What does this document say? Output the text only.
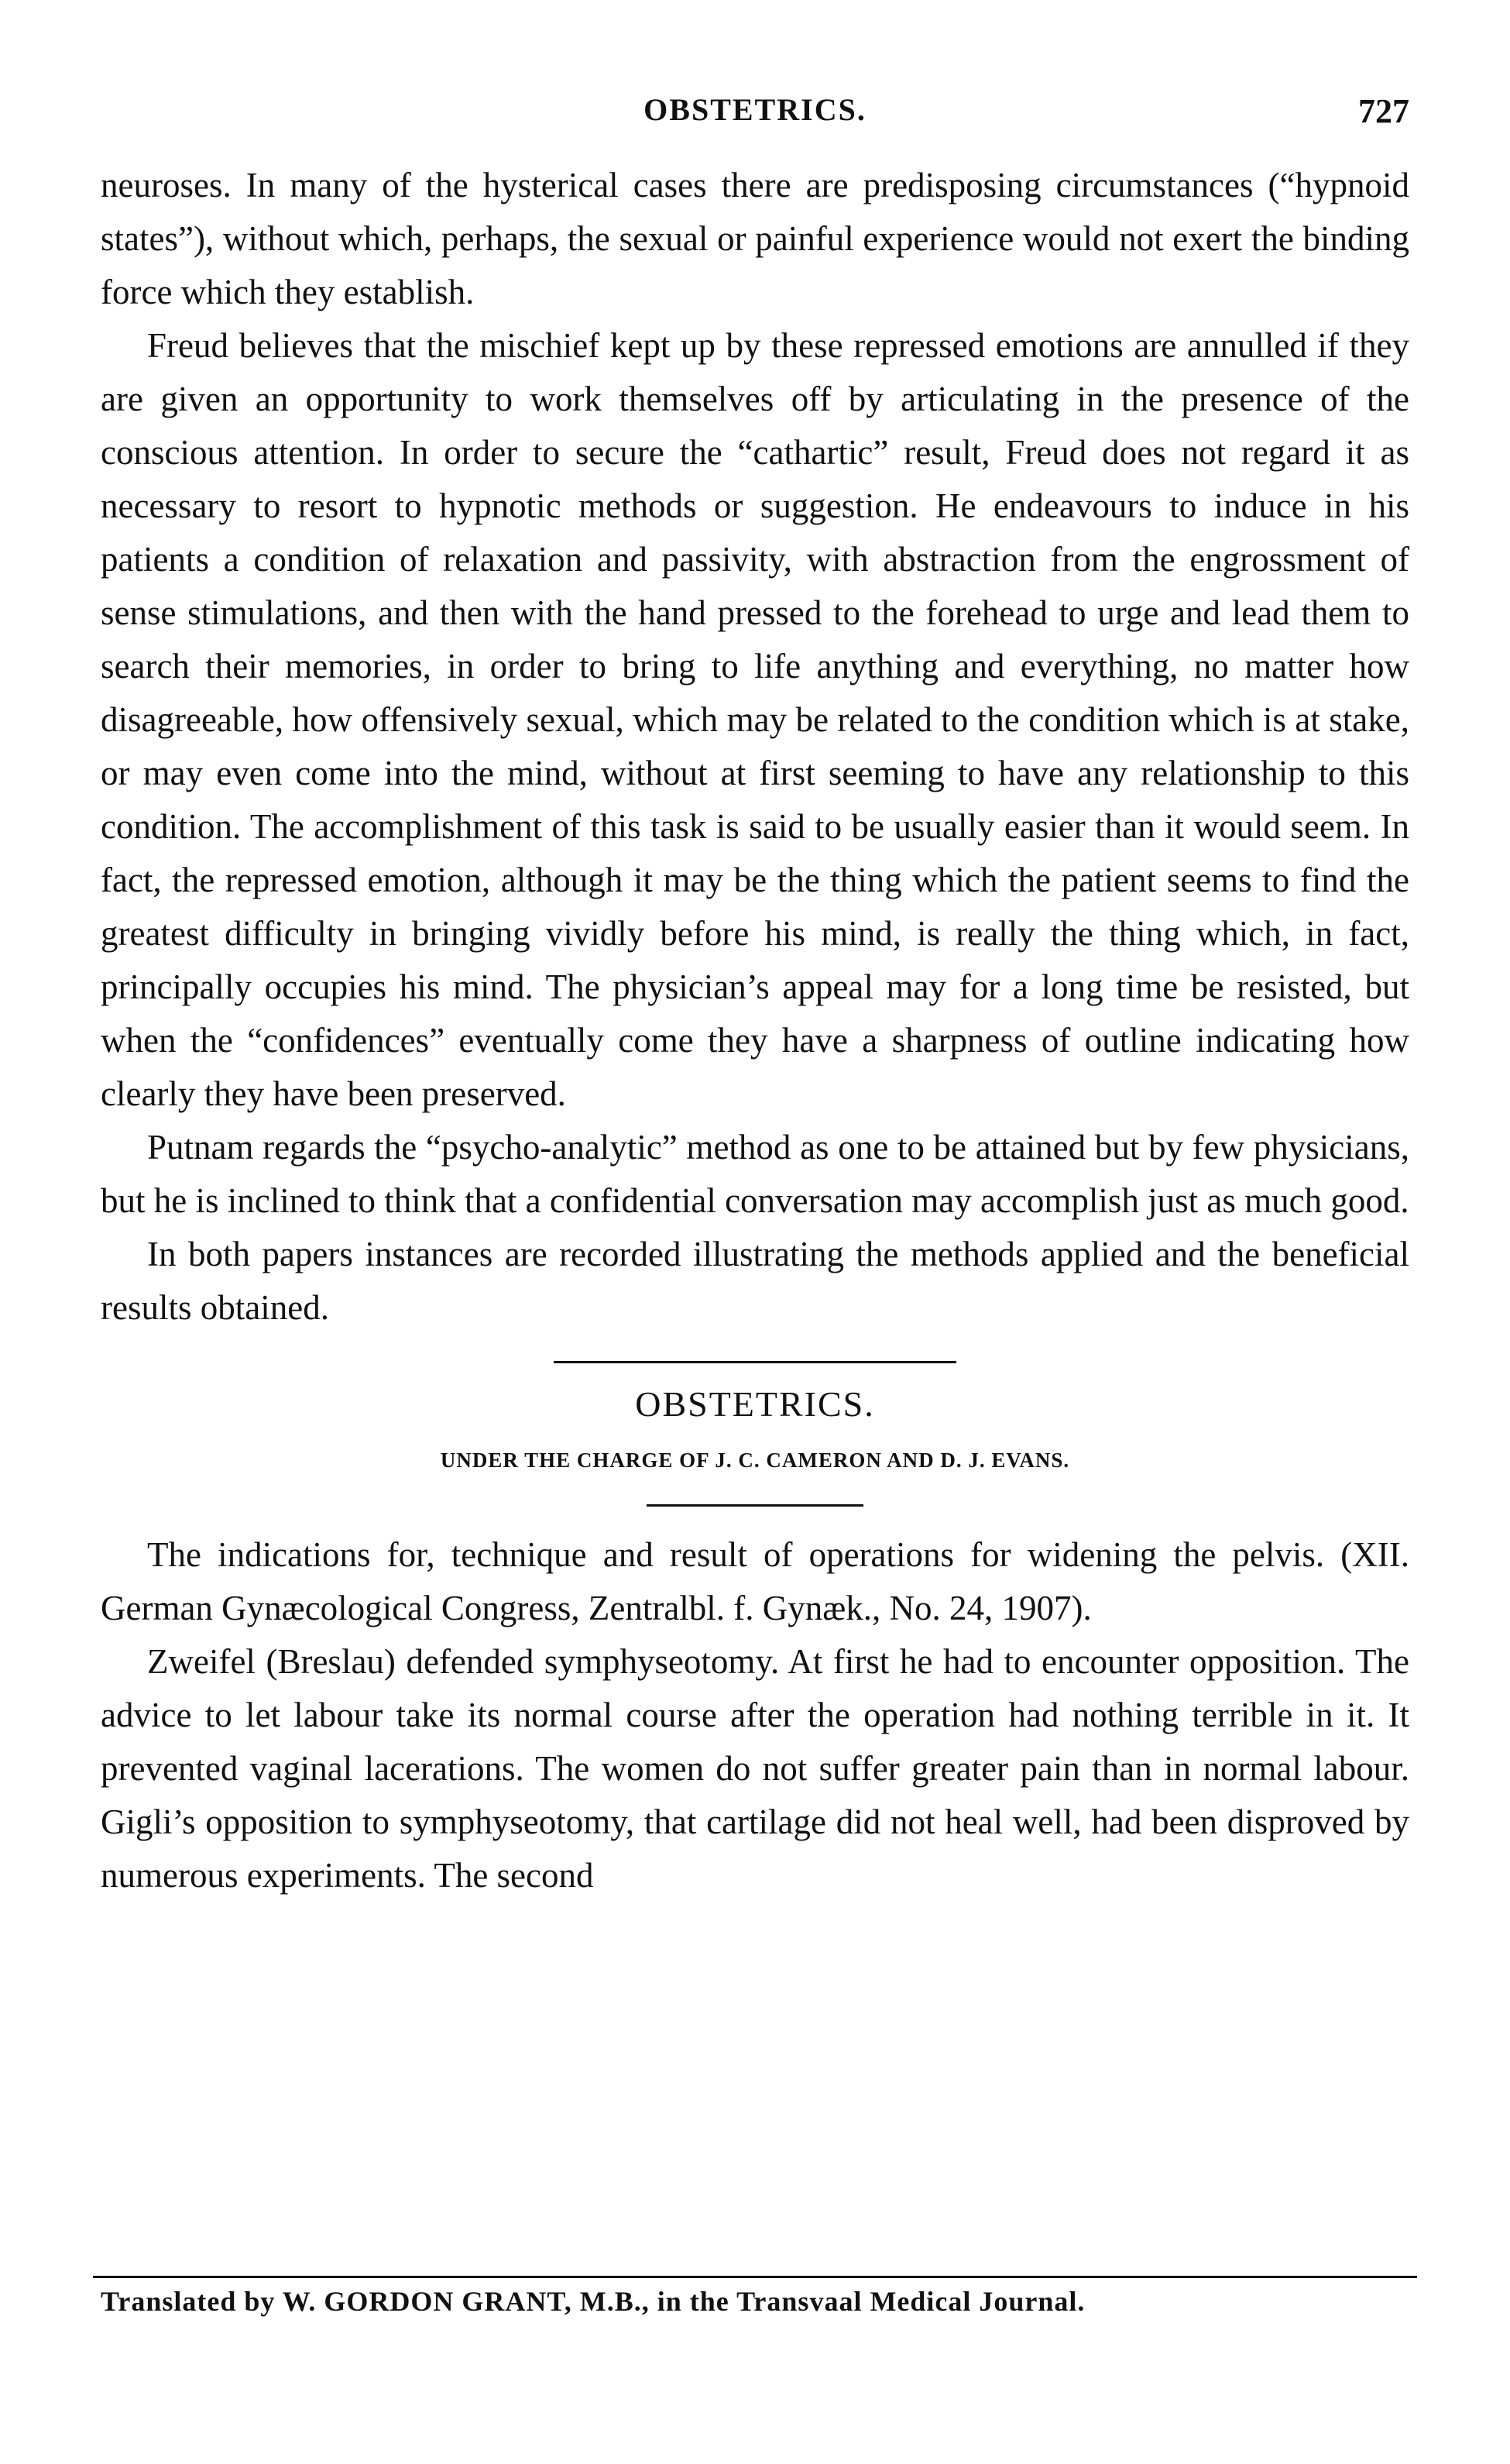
OBSTETRICS.	727

neuroses. In many of the hysterical cases there are predisposing circumstances (“hypnoid states”), without which, perhaps, the sexual or painful experience would not exert the binding force which they establish.

Freud believes that the mischief kept up by these repressed emotions are annulled if they are given an opportunity to work themselves off by articulating in the presence of the conscious attention. In order to secure the “cathartic” result, Freud does not regard it as necessary to resort to hypnotic methods or suggestion. He endeavours to induce in his patients a condition of relaxation and passivity, with abstraction from the engrossment of sense stimulations, and then with the hand pressed to the forehead to urge and lead them to search their memories, in order to bring to life anything and everything, no matter how disagreeable, how offensively sexual, which may be related to the condition which is at stake, or may even come into the mind, without at first seeming to have any relationship to this condition. The accomplishment of this task is said to be usually easier than it would seem. In fact, the repressed emotion, although it may be the thing which the patient seems to find the greatest difficulty in bringing vividly before his mind, is really the thing which, in fact, principally occupies his mind. The physician’s appeal may for a long time be resisted, but when the “confidences” eventually come they have a sharpness of outline indicating how clearly they have been preserved.

Putnam regards the “psycho-analytic” method as one to be attained but by few physicians, but he is inclined to think that a confidential conversation may accomplish just as much good.

In both papers instances are recorded illustrating the methods applied and the beneficial results obtained.

OBSTETRICS.
UNDER THE CHARGE OF J. C. CAMERON AND D. J. EVANS.

The indications for, technique and result of operations for widening the pelvis. (XII. German Gynæcological Congress, Zentralbl. f. Gynæk., No. 24, 1907).

Zweifel (Breslau) defended symphyseotomy. At first he had to encounter opposition. The advice to let labour take its normal course after the operation had nothing terrible in it. It prevented vaginal lacerations. The women do not suffer greater pain than in normal labour. Gigli’s opposition to symphyseotomy, that cartilage did not heal well, had been disproved by numerous experiments. The second

Translated by W. GORDON GRANT, M.B., in the Transvaal Medical Journal.
